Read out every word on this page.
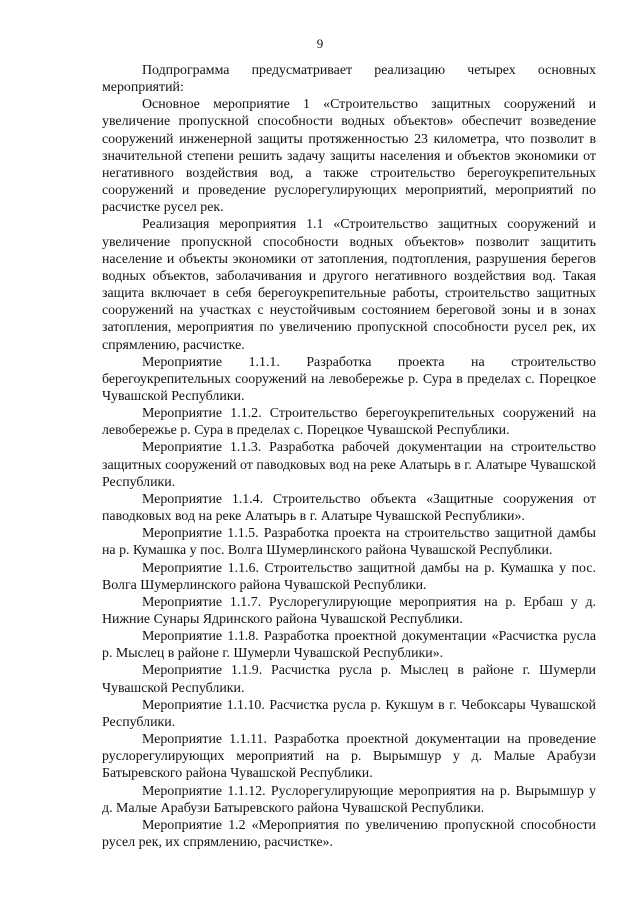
9

Подпрограмма предусматривает реализацию четырех основных мероприятий:

Основное мероприятие 1 «Строительство защитных сооружений и увеличение пропускной способности водных объектов» обеспечит возведение сооружений инженерной защиты протяженностью 23 километра, что позволит в значительной степени решить задачу защиты населения и объектов экономики от негативного воздействия вод, а также строительство берегоукрепительных сооружений и проведение руслорегулирующих мероприятий, мероприятий по расчистке русел рек.

Реализация мероприятия 1.1 «Строительство защитных сооружений и увеличение пропускной способности водных объектов» позволит защитить население и объекты экономики от затопления, подтопления, разрушения берегов водных объектов, заболачивания и другого негативного воздействия вод. Такая защита включает в себя берегоукрепительные работы, строительство защитных сооружений на участках с неустойчивым состоянием береговой зоны и в зонах затопления, мероприятия по увеличению пропускной способности русел рек, их спрямлению, расчистке.

Мероприятие 1.1.1. Разработка проекта на строительство берегоукрепительных сооружений на левобережье р. Сура в пределах с. Порецкое Чувашской Республики.

Мероприятие 1.1.2. Строительство берегоукрепительных сооружений на левобережье р. Сура в пределах с. Порецкое Чувашской Республики.

Мероприятие 1.1.3. Разработка рабочей документации на строительство защитных сооружений от паводковых вод на реке Алатырь в г. Алатыре Чувашской Республики.

Мероприятие 1.1.4. Строительство объекта «Защитные сооружения от паводковых вод на реке Алатырь в г. Алатыре Чувашской Республики».

Мероприятие 1.1.5. Разработка проекта на строительство защитной дамбы на р. Кумашка у пос. Волга Шумерлинского района Чувашской Республики.

Мероприятие 1.1.6. Строительство защитной дамбы на р. Кумашка у пос. Волга Шумерлинского района Чувашской Республики.

Мероприятие 1.1.7. Руслорегулирующие мероприятия на р. Ербаш у д. Нижние Сунары Ядринского района Чувашской Республики.

Мероприятие 1.1.8. Разработка проектной документации «Расчистка русла р. Мыслец в районе г. Шумерли Чувашской Республики».

Мероприятие 1.1.9. Расчистка русла р. Мыслец в районе г. Шумерли Чувашской Республики.

Мероприятие 1.1.10. Расчистка русла р. Кукшум в г. Чебоксары Чувашской Республики.

Мероприятие 1.1.11. Разработка проектной документации на проведение руслорегулирующих мероприятий на р. Вырымшур у д. Малые Арабузи Батыревского района Чувашской Республики.

Мероприятие 1.1.12. Руслорегулирующие мероприятия на р. Вырымшур у д. Малые Арабузи Батыревского района Чувашской Республики.

Мероприятие 1.2 «Мероприятия по увеличению пропускной способности русел рек, их спрямлению, расчистке».
